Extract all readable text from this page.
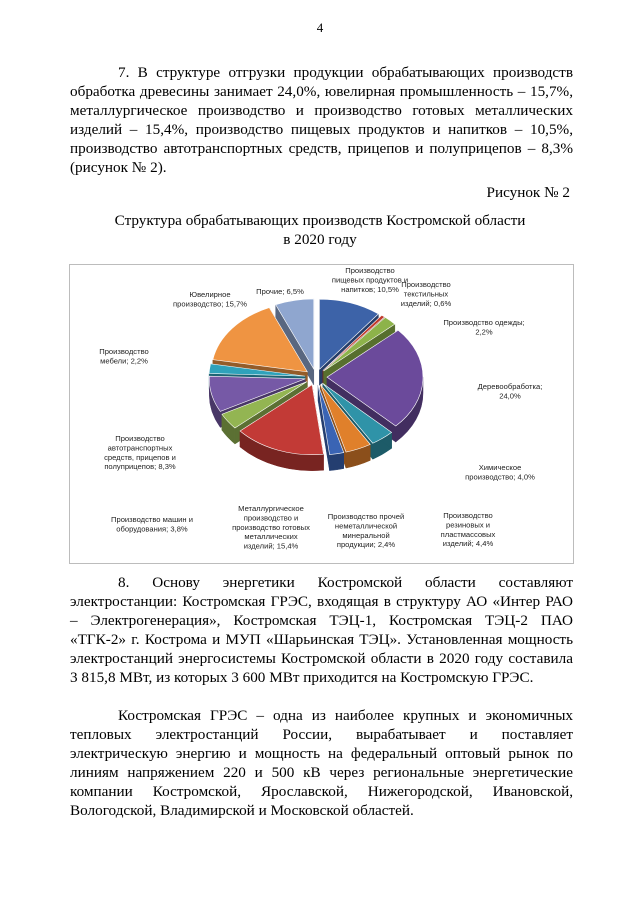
4

7. В структуре отгрузки продукции обрабатывающих производств обработка древесины занимает 24,0%, ювелирная промышленность – 15,7%, металлургическое производство и производство готовых металлических изделий – 15,4%, производство пищевых продуктов и напитков – 10,5%, производство автотранспортных средств, прицепов и полуприцепов – 8,3% (рисунок № 2).

Рисунок № 2
Структура обрабатывающих производств Костромской области
в 2020 году
Производство пищевых продуктов и напитков; 10,5%
Производство текстильных изделий; 0,6%
Производство одежды; 2,2%
Деревообработка; 24,0%
Химическое производство; 4,0%
Производство резиновых и пластмассовых изделий; 4,4%
Производство прочей неметаллической минеральной продукции; 2,4%
Металлургическое производство и производство готовых металлических изделий; 15,4%
Производство машин и оборудования; 3,8%
Производство автотранспортных средств, прицепов и полуприцепов; 8,3%
Производство мебели; 2,2%
Ювелирное производство; 15,7%
Прочие; 6,5%

8. Основу энергетики Костромской области составляют электростанции: Костромская ГРЭС, входящая в структуру АО «Интер РАО – Электрогенерация», Костромская ТЭЦ-1, Костромская ТЭЦ-2 ПАО «ТГК-2» г. Кострома и МУП «Шарьинская ТЭЦ». Установленная мощность электростанций энергосистемы Костромской области в 2020 году составила 3 815,8 МВт, из которых 3 600 МВт приходится на Костромскую ГРЭС.

Костромская ГРЭС – одна из наиболее крупных и экономичных тепловых электростанций России, вырабатывает и поставляет электрическую энергию и мощность на федеральный оптовый рынок по линиям напряжением 220 и 500 кВ через региональные энергетические компании Костромской, Ярославской, Нижегородской, Ивановской, Вологодской, Владимирской и Московской областей.
